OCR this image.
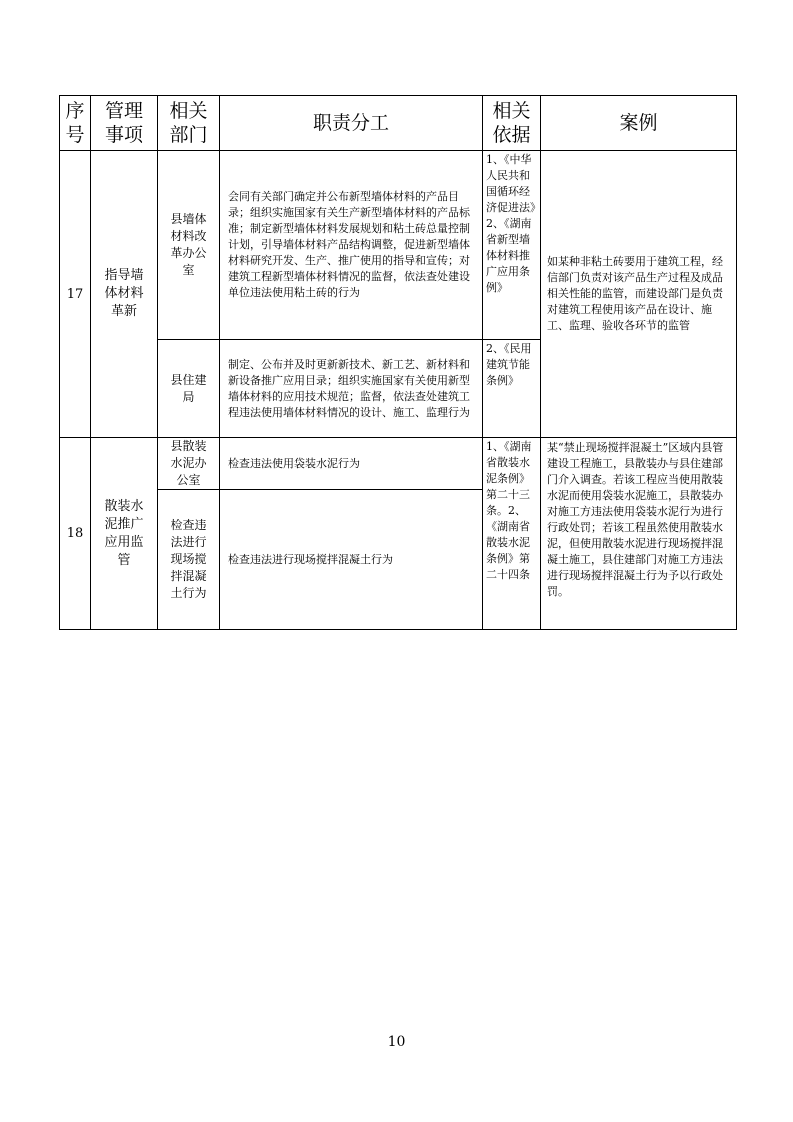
序号	管理事项	相关部门	职责分工	相关依据	案例
17	指导墙体材料革新	县墙体材料改革办公室	会同有关部门确定并公布新型墙体材料的产品目录；组织实施国家有关生产新型墙体材料的产品标准；制定新型墙体材料发展规划和粘土砖总量控制计划，引导墙体材料产品结构调整，促进新型墙体材料研究开发、生产、推广使用的指导和宣传；对建筑工程新型墙体材料情况的监督，依法查处建设单位违法使用粘土砖的行为	1、《中华人民共和国循环经济促进法》2、《湖南省新型墙体材料推广应用条例》	如某种非粘土砖要用于建筑工程，经信部门负责对该产品生产过程及成品相关性能的监管，而建设部门是负责对建筑工程使用该产品在设计、施工、监理、验收各环节的监管
		县住建局	制定、公布并及时更新新技术、新工艺、新材料和新设备推广应用目录；组织实施国家有关使用新型墙体材料的应用技术规范；监督，依法查处建筑工程违法使用墙体材料情况的设计、施工、监理行为	2、《民用建筑节能条例》	
18	散装水泥推广应用监管	县散装水泥办公室	检查违法使用袋装水泥行为	1、《湖南省散装水泥条例》第二十三条。2、《湖南省散装水泥条例》第二十四条	某“禁止现场搅拌混凝土”区域内县管建设工程施工，县散装办与县住建部门介入调查。若该工程应当使用散装水泥而使用袋装水泥施工，县散装办对施工方违法使用袋装水泥行为进行行政处罚；若该工程虽然使用散装水泥，但使用散装水泥进行现场搅拌混凝土施工，县住建部门对施工方违法进行现场搅拌混凝土行为予以行政处罚。
		检查违法进行现场搅拌混凝土行为	检查违法进行现场搅拌混凝土行为		
10
